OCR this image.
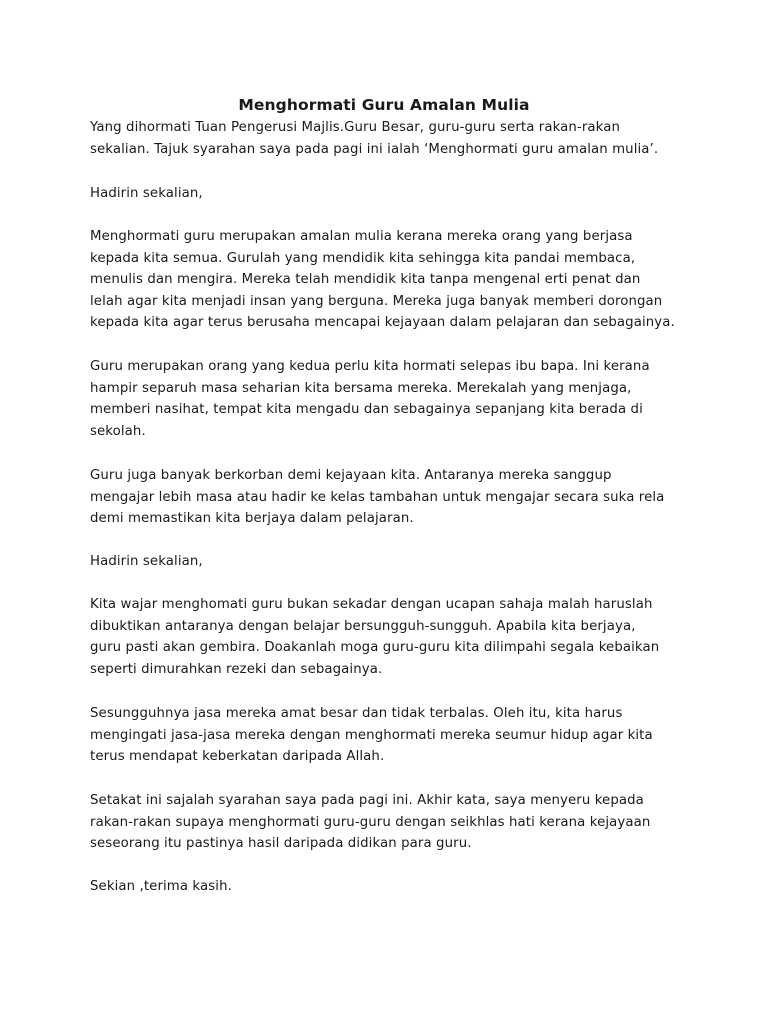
Menghormati Guru Amalan Mulia

Yang dihormati Tuan Pengerusi Majlis.Guru Besar, guru-guru serta rakan-rakan
sekalian. Tajuk syarahan saya pada pagi ini ialah ‘Menghormati guru amalan mulia’.

Hadirin sekalian,

Menghormati guru merupakan amalan mulia kerana mereka orang yang berjasa
kepada kita semua. Gurulah yang mendidik kita sehingga kita pandai membaca,
menulis dan mengira. Mereka telah mendidik kita tanpa mengenal erti penat dan
lelah agar kita menjadi insan yang berguna. Mereka juga banyak memberi dorongan
kepada kita agar terus berusaha mencapai kejayaan dalam pelajaran dan sebagainya.

Guru merupakan orang yang kedua perlu kita hormati selepas ibu bapa. Ini kerana
hampir separuh masa seharian kita bersama mereka. Merekalah yang menjaga,
memberi nasihat, tempat kita mengadu dan sebagainya sepanjang kita berada di
sekolah.

Guru juga banyak berkorban demi kejayaan kita. Antaranya mereka sanggup
mengajar lebih masa atau hadir ke kelas tambahan untuk mengajar secara suka rela
demi memastikan kita berjaya dalam pelajaran.

Hadirin sekalian,

Kita wajar menghomati guru bukan sekadar dengan ucapan sahaja malah haruslah
dibuktikan antaranya dengan belajar bersungguh-sungguh. Apabila kita berjaya,
guru pasti akan gembira. Doakanlah moga guru-guru kita dilimpahi segala kebaikan
seperti dimurahkan rezeki dan sebagainya.

Sesungguhnya jasa mereka amat besar dan tidak terbalas. Oleh itu, kita harus
mengingati jasa-jasa mereka dengan menghormati mereka seumur hidup agar kita
terus mendapat keberkatan daripada Allah.

Setakat ini sajalah syarahan saya pada pagi ini. Akhir kata, saya menyeru kepada
rakan-rakan supaya menghormati guru-guru dengan seikhlas hati kerana kejayaan
seseorang itu pastinya hasil daripada didikan para guru.

Sekian ,terima kasih.
